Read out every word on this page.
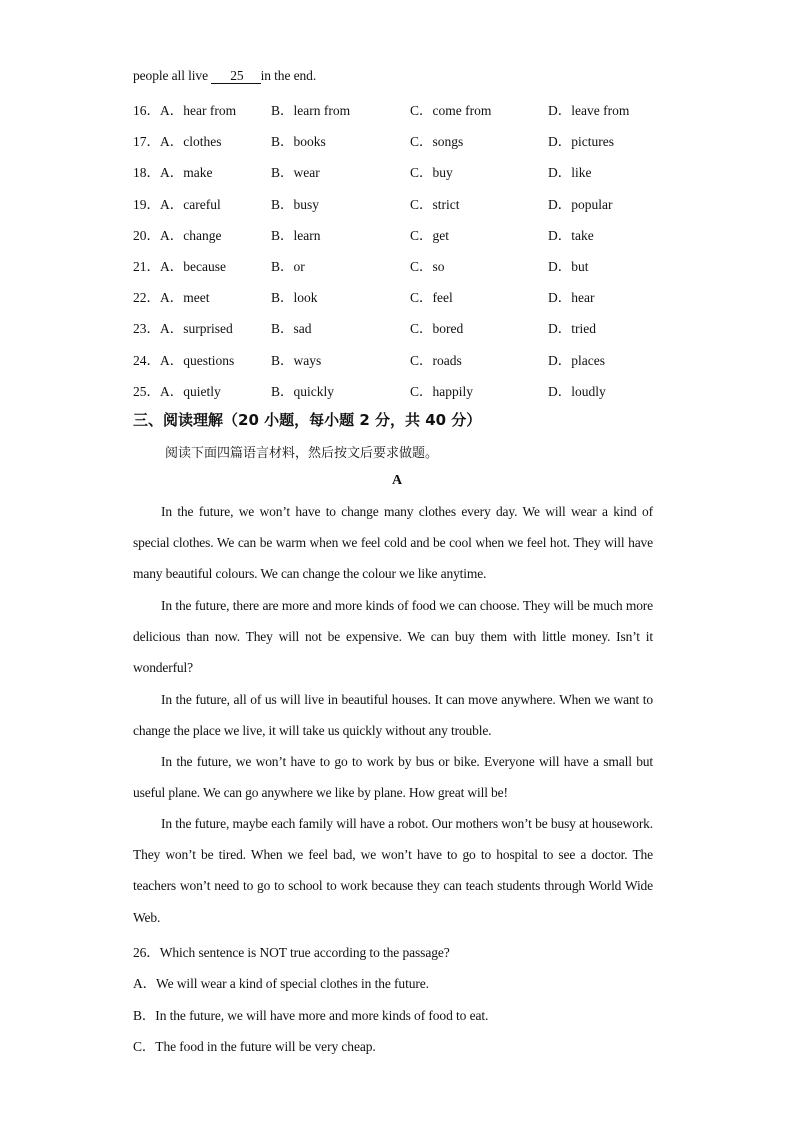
people all live 25 in the end.
16． A．hear from	B．learn from	C．come from	D．leave from
17． A．clothes	B．books	C．songs	D．pictures
18． A．make	B．wear	C．buy	D．like
19． A．careful	B．busy	C．strict	D．popular
20． A．change	B．learn	C．get	D．take
21． A．because	B．or	C．so	D．but
22． A．meet	B．look	C．feel	D．hear
23． A．surprised	B．sad	C．bored	D．tried
24． A．questions	B．ways	C．roads	D．places
25． A．quietly	B．quickly	C．happily	D．loudly
三、阅读理解（20 小题，每小题 2 分，共 40 分）
阅读下面四篇语言材料，然后按文后要求做题。
A

In the future, we won’t have to change many clothes every day. We will wear a kind of special clothes. We can be warm when we feel cold and be cool when we feel hot. They will have many beautiful colours. We can change the colour we like anytime.

In the future, there are more and more kinds of food we can choose. They will be much more delicious than now. They will not be expensive. We can buy them with little money. Isn’t it wonderful?

In the future, all of us will live in beautiful houses. It can move anywhere. When we want to change the place we live, it will take us quickly without any trouble.

In the future, we won’t have to go to work by bus or bike. Everyone will have a small but useful plane. We can go anywhere we like by plane. How great will be!

In the future, maybe each family will have a robot. Our mothers won’t be busy at housework. They won’t be tired. When we feel bad, we won’t have to go to hospital to see a doctor. The teachers won’t need to go to school to work because they can teach students through World Wide Web.

26．Which sentence is NOT true according to the passage?
A．We will wear a kind of special clothes in the future.
B．In the future, we will have more and more kinds of food to eat.
C．The food in the future will be very cheap.
